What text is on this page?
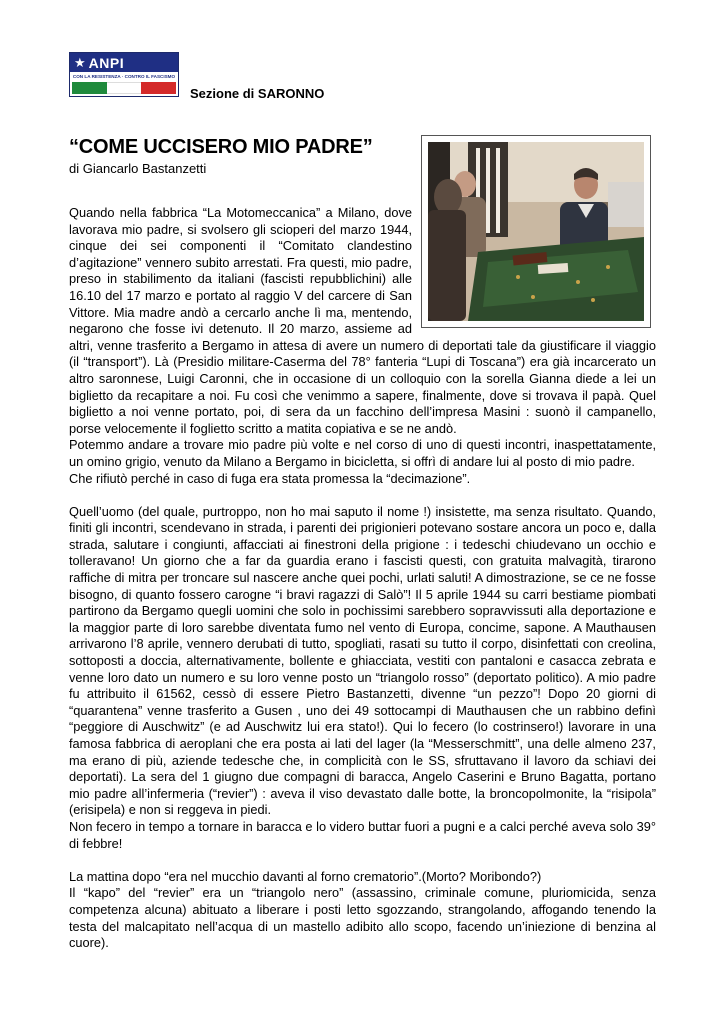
★ ANPI
CON LA RESISTENZA · CONTRO IL FASCISMO
Sezione di SARONNO
“COME UCCISERO MIO PADRE”
di Giancarlo Bastanzetti

Quando nella fabbrica “La Motomeccanica” a Milano, dove lavorava mio padre, si svolsero gli scioperi del marzo 1944, cinque dei sei componenti il “Comitato clandestino d’agitazione” vennero subito arrestati. Fra questi, mio padre, preso in stabilimento da italiani (fascisti repubblichini) alle 16.10 del 17 marzo e portato al raggio V del carcere di San Vittore. Mia madre andò a cercarlo anche lì ma, mentendo, negarono che fosse ivi detenuto. Il 20 marzo, assieme ad altri, venne trasferito a Bergamo in attesa di avere un numero di deportati tale da giustificare il viaggio (il “transport”). Là (Presidio militare-Caserma del 78° fanteria “Lupi di Toscana”) era già incarcerato un altro saronnese, Luigi Caronni, che in occasione di un colloquio con la sorella Gianna diede a lei un biglietto da recapitare a noi. Fu così che venimmo a sapere, finalmente, dove si trovava il papà. Quel biglietto a noi venne portato, poi, di sera da un facchino dell’impresa Masini : suonò il campanello, porse velocemente il foglietto scritto a matita copiativa e se ne andò.

Potemmo andare a trovare mio padre più volte e nel corso di uno di questi incontri, inaspettatamente, un omino grigio, venuto da Milano a Bergamo in bicicletta, si offrì di andare lui al posto di mio padre.

Che rifiutò perché in caso di fuga era stata promessa la “decimazione”.

Quell’uomo (del quale, purtroppo, non ho mai saputo il nome !) insistette, ma senza risultato. Quando, finiti gli incontri, scendevano in strada, i parenti dei prigionieri potevano sostare ancora un poco e, dalla strada, salutare i congiunti, affacciati ai finestroni della prigione : i tedeschi chiudevano un occhio e tolleravano! Un giorno che a far da guardia erano i fascisti questi, con gratuita malvagità, tirarono raffiche di mitra per troncare sul nascere anche quei pochi, urlati saluti! A dimostrazione, se ce ne fosse bisogno, di quanto fossero carogne “i bravi ragazzi di Salò”! Il 5 aprile 1944 su carri bestiame piombati partirono da Bergamo quegli uomini che solo in pochissimi sarebbero sopravvissuti alla deportazione e la maggior parte di loro sarebbe diventata fumo nel vento di Europa, concime, sapone. A Mauthausen arrivarono l’8 aprile, vennero derubati di tutto, spogliati, rasati su tutto il corpo, disinfettati con creolina, sottoposti a doccia, alternativamente, bollente e ghiacciata, vestiti con pantaloni e casacca zebrata e venne loro dato un numero e su loro venne posto un “triangolo rosso” (deportato politico). A mio padre fu attribuito il 61562, cessò di essere Pietro Bastanzetti, divenne “un pezzo”! Dopo 20 giorni di “quarantena” venne trasferito a Gusen , uno dei 49 sottocampi di Mauthausen che un rabbino definì “peggiore di Auschwitz” (e ad Auschwitz lui era stato!). Qui lo fecero (lo costrinsero!) lavorare in una famosa fabbrica di aeroplani che era posta ai lati del lager (la “Messerschmitt”, una delle almeno 237, ma erano di più, aziende tedesche che, in complicità con le SS, sfruttavano il lavoro da schiavi dei deportati). La sera del 1 giugno due compagni di baracca, Angelo Caserini e Bruno Bagatta, portano mio padre all’infermeria (“revier”) : aveva il viso devastato dalle botte, la broncopolmonite, la “risipola” (erisipela) e non si reggeva in piedi.

Non fecero in tempo a tornare in baracca e lo videro buttar fuori a pugni e a calci perché aveva solo 39° di febbre!

La mattina dopo “era nel mucchio davanti al forno crematorio”.(Morto? Moribondo?)

Il “kapo” del “revier” era un “triangolo nero” (assassino, criminale comune, pluriomicida, senza competenza alcuna) abituato a liberare i posti letto sgozzando, strangolando, affogando tenendo la testa del malcapitato nell’acqua di un mastello adibito allo scopo, facendo un’iniezione di benzina al cuore).
